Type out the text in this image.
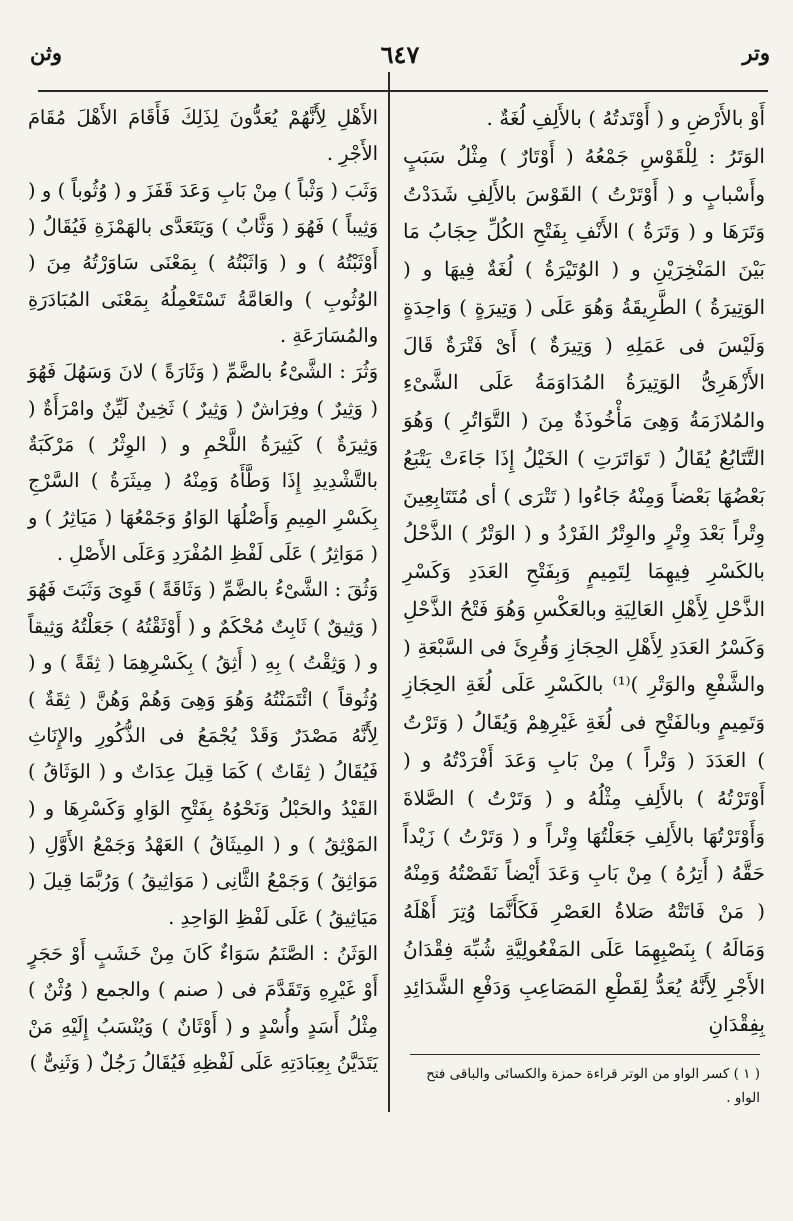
وتر
٦٤٧
وثن

أَوْ بالأَرْضِ و ( أَوْتَدتُهُ ) بالأَلِفِ لُغَةٌ .

الوَتَرُ : لِلْقَوْسِ جَمْعُهُ ( أَوْتَارٌ ) مِثْلُ سَبَبٍ وأَسْبابٍ و ( أَوْتَرْتُ ) القَوْسَ بالأَلِفِ شَدَدْتُ وَتَرَهَا و ( وَتَرَةُ ) الأَنْفِ بِفَتْحِ الكُلِّ حِجَابُ مَا بَيْنَ المَنْخِرَيْنِ و ( الوُتَيْرَةُ ) لُغَةٌ فِيهَا و ( الوَتِيرَةُ ) الطَّرِيقَةُ وَهُوَ عَلَى ( وَتِيرَةٍ ) وَاحِدَةٍ وَلَيْسَ فى عَمَلِهِ ( وَتِيرَةٌ ) أَىْ فَتْرَةٌ قَالَ الأَزْهَرِىُّ الوَتِيرَةُ المُدَاوَمَةُ عَلَى الشَّىْءِ والمُلازَمَةُ وَهِىَ مَأْخُوذَةٌ مِنَ ( التَّوَاتُرِ ) وَهُوَ التَّتَابُعُ يُقَالُ ( تَوَاتَرَتِ ) الخَيْلُ إِذَا جَاءَتْ يَتْبَعُ بَعْضُهَا بَعْضاً وَمِنْهُ جَاءُوا ( تَتْرَى ) أى مُتَتَابِعِينَ وِتْراً بَعْدَ وِتْرٍ والوِتْرُ الفَرْدُ و ( الوَتْرُ ) الذَّحْلُ بالكَسْرِ فِيهِمَا لِتَمِيمٍ وَبِفَتْحِ العَدَدِ وَكَسْرِ الذَّحْلِ لِأَهْلِ العَالِيَةِ وبالعَكْسِ وَهُوَ فَتْحُ الذَّحْلِ وَكَسْرُ العَدَدِ لِأَهْلِ الحِجَازِ وَقُرِئَ فى السَّبْعَةِ ( والشَّفْعِ والوَتْرِ )⁽¹⁾ بالكَسْرِ عَلَى لُغَةِ الحِجَازِ وَتَمِيمٍ وبالفَتْحِ فى لُغَةِ غَيْرِهِمْ وَيُقَالُ ( وَتَرْتُ ) العَدَدَ ( وَتْراً ) مِنْ بَابِ وَعَدَ أَفْرَدْتُهُ و ( أَوْتَرْتُهُ ) بالأَلِفِ مِثْلُهُ و ( وَتَرْتُ ) الصَّلاةَ وَأَوْتَرْتُهَا بالأَلِفِ جَعَلْتُهَا وِتْراً و ( وَتَرْتُ ) زَيْداً حَقَّهُ ( أَتِرُهُ ) مِنْ بَابِ وَعَدَ أَيْضاً نَقَصْتُهُ وَمِنْهُ ( مَنْ فَاتَتْهُ صَلاةُ العَصْرِ فَكَأَنَّمَا وُتِرَ أَهْلَهُ وَمَالَهُ ) بِنَصْبِهِمَا عَلَى المَفْعُولِيَّةِ شُبِّهَ فِقْدَانُ الأَجْرِ لِأَنَّهُ يُعَدُّ لِقَطْعِ المَصَاعِبِ وَدَفْعِ الشَّدَائِدِ بِفِقْدَانِ

الأَهْلِ لِأَنَّهُمْ يُعَدُّونَ لِذَلِكَ فَأَقَامَ الأَهْلَ مُقَامَ الأَجْرِ .

وَثَبَ ( وَثْباً ) مِنْ بَابِ وَعَدَ قَفَزَ و ( وُثُوباً ) و ( وَثِيباً ) فَهُوَ ( وَثَّابٌ ) وَيَتَعَدَّى بالهَمْزَةِ فَيُقَالُ ( أَوْثَبْتُهُ ) و ( وَاثَبْتُهُ ) بِمَعْنَى سَاوَرْتُهُ مِنَ ( الوُثُوبِ ) والعَامَّةُ تَسْتَعْمِلُهُ بِمَعْنَى المُبَادَرَةِ والمُسَارَعَةِ .

وَثُرَ : الشَّىْءُ بالضَّمِّ ( وَثَارَةً ) لانَ وَسَهُلَ فَهُوَ ( وَثِيرٌ ) وفِرَاشٌ ( وَثِيرٌ ) ثَخِينٌ لَيِّنٌ وامْرَأَةٌ ( وَثِيرَةٌ ) كَثِيرَةُ اللَّحْمِ و ( الوِثْرُ ) مَرْكَبَةٌ بالتَّشْدِيدِ إِذَا وَطَّأَهُ وَمِنْهُ ( مِيثَرَةُ ) السَّرْجِ بِكَسْرِ المِيمِ وَأَصْلُهَا الوَاوُ وَجَمْعُهَا ( مَيَاثِرُ ) و ( مَوَاثِرُ ) عَلَى لَفْظِ المُفْرَدِ وَعَلَى الأَصْلِ .

وَثُقَ : الشَّىْءُ بالضَّمِّ ( وَثَاقَةً ) قَوِىَ وَثَبَتَ فَهُوَ ( وَثِيقٌ ) ثَابِتٌ مُحْكَمٌ و ( أَوْثَقْتُهُ ) جَعَلْتُهُ وَثِيقاً و ( وَثِقْتُ ) بِهِ ( أَثِقُ ) بِكَسْرِهِمَا ( ثِقَةً ) و ( وُثُوقاً ) ائْتَمَنْتُهُ وَهُوَ وَهِىَ وَهُمْ وَهُنَّ ( ثِقَةٌ ) لِأَنَّهُ مَصْدَرٌ وَقَدْ يُجْمَعُ فى الذُّكُورِ والإِنَاثِ فَيُقَالُ ( ثِقَاتٌ ) كَمَا قِيلَ عِدَاتٌ و ( الوَثَاقُ ) القَيْدُ والحَبْلُ وَنَحْوُهُ بِفَتْحِ الوَاوِ وَكَسْرِهَا و ( المَوْثِقُ ) و ( المِيثَاقُ ) العَهْدُ وَجَمْعُ الأَوَّلِ ( مَوَاثِقُ ) وَجَمْعُ الثَّانِى ( مَوَاثِيقُ ) وَرُبَّمَا قِيلَ ( مَيَاثِيقُ ) عَلَى لَفْظِ الوَاحِدِ .

الوَثَنُ : الصَّنَمُ سَوَاءٌ كَانَ مِنْ خَشَبٍ أَوْ حَجَرٍ أَوْ غَيْرِهِ وَتَقَدَّمَ فى ( صنم ) والجمع ( وُثْنٌ ) مِثْلُ أَسَدٍ وأُسْدٍ و ( أَوْثَانٌ ) وَيُنْسَبُ إِلَيْهِ مَنْ يَتَدَيَّنُ بِعِبَادَتِهِ عَلَى لَفْظِهِ فَيُقَالُ رَجُلٌ ( وَثَنِىٌّ )

( ١ ) كسر الواو من الوتر قراءة حمزة والكسائى والباقى فتح الواو .
